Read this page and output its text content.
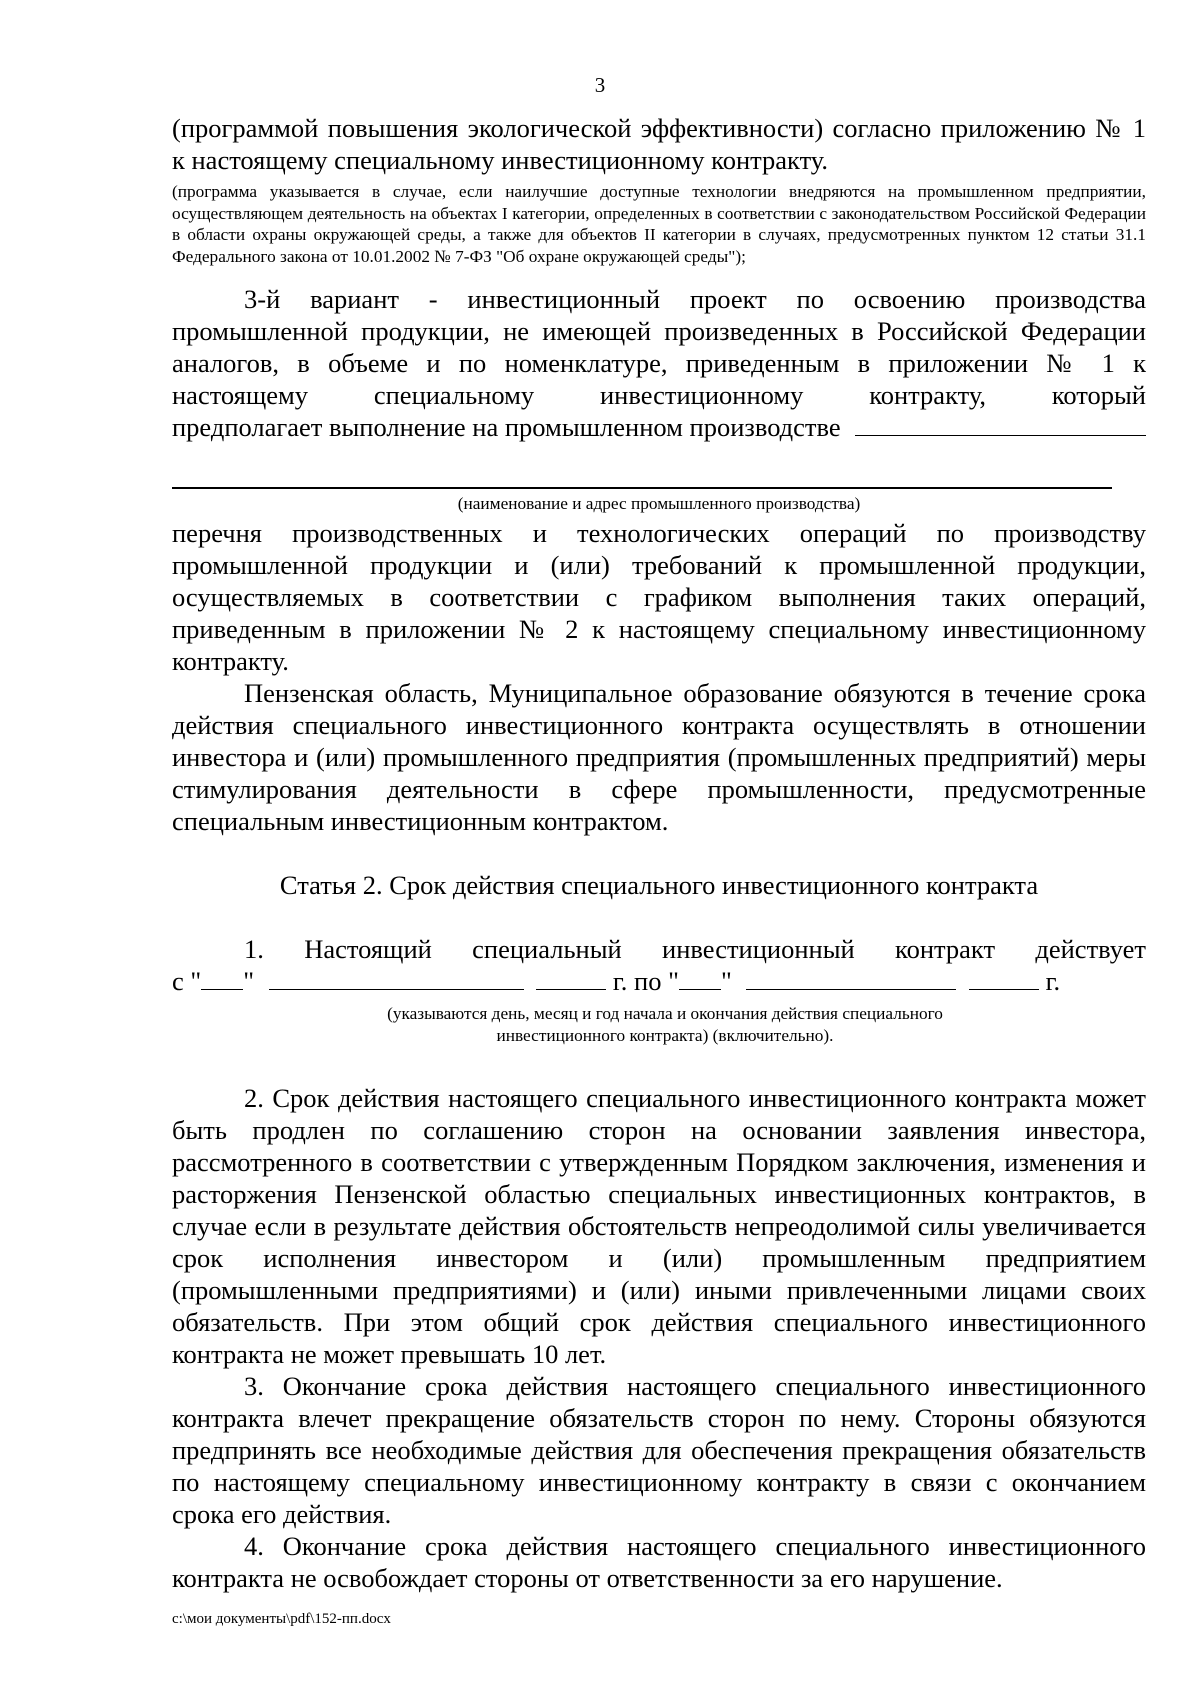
3
(программой повышения экологической эффективности) согласно приложению № 1
к настоящему специальному инвестиционному контракту.
(программа указывается в случае, если наилучшие доступные технологии внедряются на промышленном предприятии, осуществляющем деятельность на объектах I категории, определенных в соответствии с законодательством Российской Федерации в области охраны окружающей среды, а также для объектов II категории в случаях, предусмотренных пунктом 12 статьи 31.1 Федерального закона от 10.01.2002 № 7-ФЗ "Об охране окружающей среды");
3-й вариант - инвестиционный проект по освоению производства промышленной продукции, не имеющей произведенных в Российской Федерации аналогов, в объеме и по номенклатуре, приведенным в приложении № 1 к настоящему специальному инвестиционному контракту, который
предполагает выполнение на промышленном производстве
(наименование и адрес промышленного производства)
перечня производственных и технологических операций по производству промышленной продукции и (или) требований к промышленной продукции, осуществляемых в соответствии с графиком выполнения таких операций, приведенным в приложении № 2 к настоящему специальному инвестиционному контракту.
Пензенская область, Муниципальное образование обязуются в течение срока действия специального инвестиционного контракта осуществлять в отношении инвестора и (или) промышленного предприятия (промышленных предприятий) меры стимулирования деятельности в сфере промышленности, предусмотренные специальным инвестиционным контрактом.
Статья 2. Срок действия специального инвестиционного контракта
1. Настоящий специальный инвестиционный контракт действует
с " "	г. по " "	г.
(указываются день, месяц и год начала и окончания действия специального инвестиционного контракта) (включительно).
2. Срок действия настоящего специального инвестиционного контракта может быть продлен по соглашению сторон на основании заявления инвестора, рассмотренного в соответствии с утвержденным Порядком заключения, изменения и расторжения Пензенской областью специальных инвестиционных контрактов, в случае если в результате действия обстоятельств непреодолимой силы увеличивается срок исполнения инвестором и (или) промышленным предприятием (промышленными предприятиями) и (или) иными привлеченными лицами своих обязательств. При этом общий срок действия специального инвестиционного контракта не может превышать 10 лет.
3. Окончание срока действия настоящего специального инвестиционного контракта влечет прекращение обязательств сторон по нему. Стороны обязуются предпринять все необходимые действия для обеспечения прекращения обязательств по настоящему специальному инвестиционному контракту в связи с окончанием срока его действия.
4. Окончание срока действия настоящего специального инвестиционного контракта не освобождает стороны от ответственности за его нарушение.
c:\мои документы\pdf\152-пп.docx
